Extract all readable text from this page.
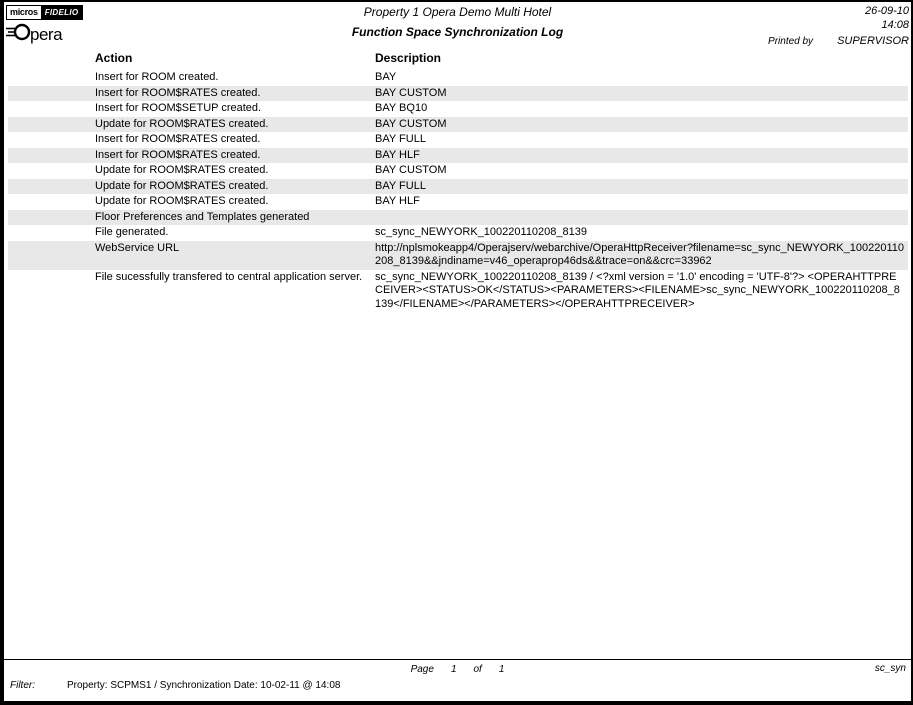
micros FIDELIO
pera
Property 1 Opera Demo Multi Hotel
Function Space Synchronization Log
26-09-10
14:08
Printed by SUPERVISOR
Action	Description
Insert for ROOM created.	BAY
Insert for ROOM$RATES created.	BAY CUSTOM
Insert for ROOM$SETUP created.	BAY BQ10
Update for ROOM$RATES created.	BAY CUSTOM
Insert for ROOM$RATES created.	BAY FULL
Insert for ROOM$RATES created.	BAY HLF
Update for ROOM$RATES created.	BAY CUSTOM
Update for ROOM$RATES created.	BAY FULL
Update for ROOM$RATES created.	BAY HLF
Floor Preferences and Templates generated
File generated.	sc_sync_NEWYORK_100220110208_8139
WebService URL	http://nplsmokeapp4/Operajserv/webarchive/OperaHttpReceiver?filename=sc_sync_NEWYORK_100220110208_8139&&jndiname=v46_operaprop46ds&&trace=on&&crc=33962
File sucessfully transfered to central application server.	sc_sync_NEWYORK_100220110208_8139 / <?xml version = '1.0' encoding = 'UTF-8'?> <OPERAHTTPRECEIVER><STATUS>OK</STATUS><PARAMETERS><FILENAME>sc_sync_NEWYORK_100220110208_8139</FILENAME></PARAMETERS></OPERAHTTPRECEIVER>
Page 1 of 1	sc_syn
Filter:	Property: SCPMS1 / Synchronization Date: 10-02-11 @ 14:08
